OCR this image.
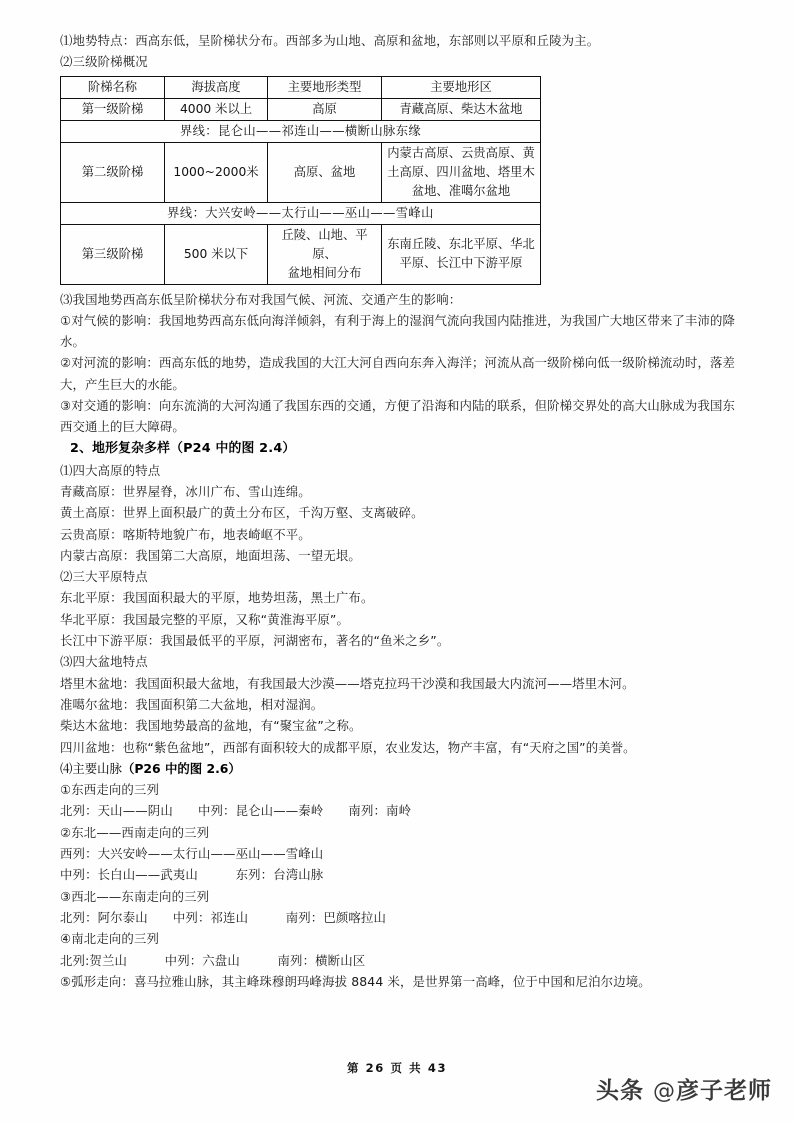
⑴地势特点：西高东低，呈阶梯状分布。西部多为山地、高原和盆地，东部则以平原和丘陵为主。
⑵三级阶梯概况
阶梯名称	海拔高度	主要地形类型	主要地形区
第一级阶梯	4000 米以上	高原	青藏高原、柴达木盆地
界线：昆仑山——祁连山——横断山脉东缘			
第二级阶梯	1000~2000米	高原、盆地	内蒙古高原、云贵高原、黄土高原、四川盆地、塔里木盆地、准噶尔盆地
界线：大兴安岭——太行山——巫山——雪峰山			
第三级阶梯	500 米以下	丘陵、山地、平
原、
盆地相间分布	东南丘陵、东北平原、华北平原、长江中下游平原
⑶我国地势西高东低呈阶梯状分布对我国气候、河流、交通产生的影响：
①对气候的影响：我国地势西高东低向海洋倾斜，有利于海上的湿润气流向我国内陆推进，为我国广大地区带来了丰沛的降水。
②对河流的影响：西高东低的地势，造成我国的大江大河自西向东奔入海洋；河流从高一级阶梯向低一级阶梯流动时，落差大，产生巨大的水能。
③对交通的影响：向东流淌的大河沟通了我国东西的交通，方便了沿海和内陆的联系，但阶梯交界处的高大山脉成为我国东西交通上的巨大障碍。
2、地形复杂多样（P24 中的图 2.4）
⑴四大高原的特点
青藏高原：世界屋脊，冰川广布、雪山连绵。
黄土高原：世界上面积最广的黄土分布区，千沟万壑、支离破碎。
云贵高原：喀斯特地貌广布，地表崎岖不平。
内蒙古高原：我国第二大高原，地面坦荡、一望无垠。
⑵三大平原特点
东北平原：我国面积最大的平原，地势坦荡，黑土广布。
华北平原：我国最完整的平原，又称“黄淮海平原”。
长江中下游平原：我国最低平的平原，河湖密布，著名的“鱼米之乡”。
⑶四大盆地特点
塔里木盆地：我国面积最大盆地，有我国最大沙漠——塔克拉玛干沙漠和我国最大内流河——塔里木河。
准噶尔盆地：我国面积第二大盆地，相对湿润。
柴达木盆地：我国地势最高的盆地，有“聚宝盆”之称。
四川盆地：也称“紫色盆地”，西部有面积较大的成都平原，农业发达，物产丰富，有“天府之国”的美誉。
⑷主要山脉（P26 中的图 2.6）
①东西走向的三列
北列：天山——阴山　　中列：昆仑山——秦岭　　南列：南岭
②东北——西南走向的三列
西列：大兴安岭——太行山——巫山——雪峰山
中列：长白山——武夷山　　　东列：台湾山脉
③西北——东南走向的三列
北列：阿尔泰山　　中列：祁连山　　　南列：巴颜喀拉山
④南北走向的三列
北列:贺兰山　　　中列：六盘山　　　南列：横断山区
⑤弧形走向：喜马拉雅山脉，其主峰珠穆朗玛峰海拔 8844 米，是世界第一高峰，位于中国和尼泊尔边境。
第 26 页 共 43
头条 @彦子老师
